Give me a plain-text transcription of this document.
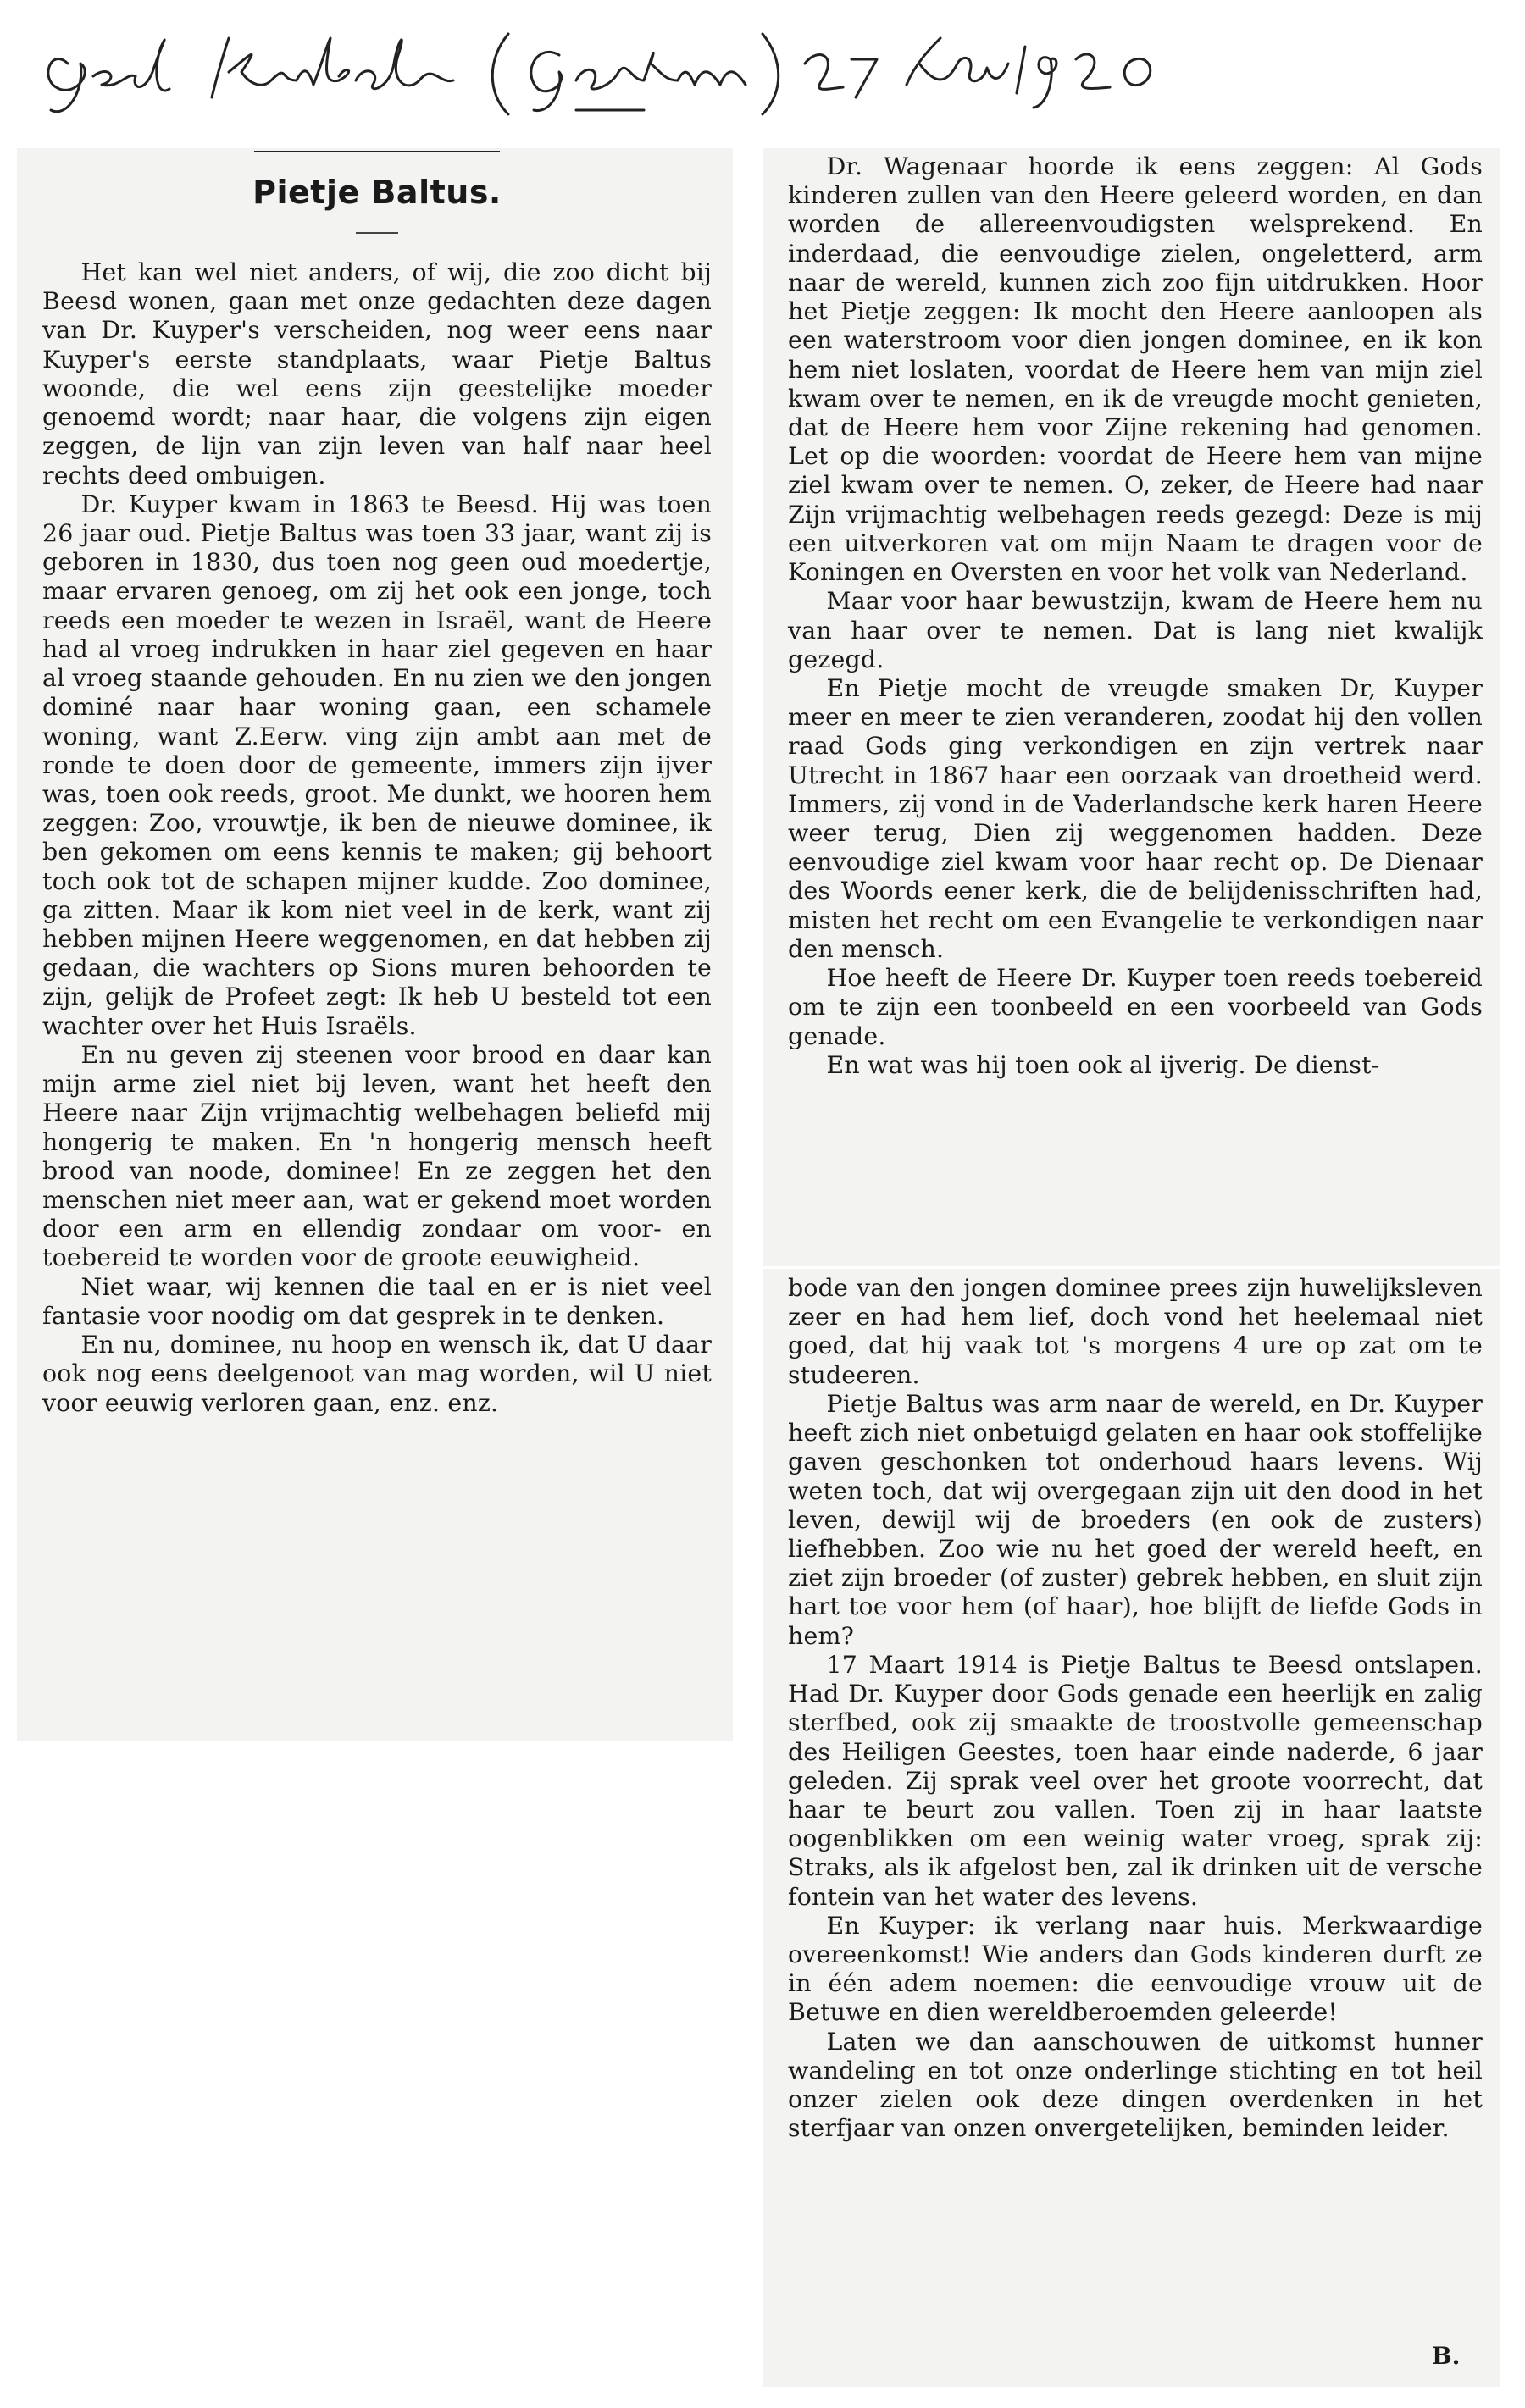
Pietje Baltus.

Het kan wel niet anders, of wij, die zoo dicht bij Beesd wonen, gaan met onze gedachten deze dagen van Dr. Kuyper's verscheiden, nog weer eens naar Kuyper's eerste standplaats, waar Pietje Baltus woonde, die wel eens zijn geestelijke moeder genoemd wordt; naar haar, die volgens zijn eigen zeggen, de lijn van zijn leven van half naar heel rechts deed ombuigen.

Dr. Kuyper kwam in 1863 te Beesd. Hij was toen 26 jaar oud. Pietje Baltus was toen 33 jaar, want zij is geboren in 1830, dus toen nog geen oud moedertje, maar ervaren genoeg, om zij het ook een jonge, toch reeds een moeder te wezen in Israël, want de Heere had al vroeg indrukken in haar ziel gegeven en haar al vroeg staande gehouden. En nu zien we den jongen dominé naar haar woning gaan, een schamele woning, want Z.Eerw. ving zijn ambt aan met de ronde te doen door de gemeente, immers zijn ijver was, toen ook reeds, groot. Me dunkt, we hooren hem zeggen: Zoo, vrouwtje, ik ben de nieuwe dominee, ik ben gekomen om eens kennis te maken; gij behoort toch ook tot de schapen mijner kudde. Zoo dominee, ga zitten. Maar ik kom niet veel in de kerk, want zij hebben mijnen Heere weggenomen, en dat hebben zij gedaan, die wachters op Sions muren behoorden te zijn, gelijk de Profeet zegt: Ik heb U besteld tot een wachter over het Huis Israëls.

En nu geven zij steenen voor brood en daar kan mijn arme ziel niet bij leven, want het heeft den Heere naar Zijn vrijmachtig welbehagen beliefd mij hongerig te maken. En 'n hongerig mensch heeft brood van noode, dominee! En ze zeggen het den menschen niet meer aan, wat er gekend moet worden door een arm en ellendig zondaar om voor- en toebereid te worden voor de groote eeuwigheid.

Niet waar, wij kennen die taal en er is niet veel fantasie voor noodig om dat gesprek in te denken.

En nu, dominee, nu hoop en wensch ik, dat U daar ook nog eens deelgenoot van mag worden, wil U niet voor eeuwig verloren gaan, enz. enz.

Dr. Wagenaar hoorde ik eens zeggen: Al Gods kinderen zullen van den Heere geleerd worden, en dan worden de allereenvoudigsten welsprekend. En inderdaad, die eenvoudige zielen, ongeletterd, arm naar de wereld, kunnen zich zoo fijn uitdrukken. Hoor het Pietje zeggen: Ik mocht den Heere aanloopen als een waterstroom voor dien jongen dominee, en ik kon hem niet loslaten, voordat de Heere hem van mijn ziel kwam over te nemen, en ik de vreugde mocht genieten, dat de Heere hem voor Zijne rekening had genomen. Let op die woorden: voordat de Heere hem van mijne ziel kwam over te nemen. O, zeker, de Heere had naar Zijn vrijmachtig welbehagen reeds gezegd: Deze is mij een uitverkoren vat om mijn Naam te dragen voor de Koningen en Oversten en voor het volk van Nederland.

Maar voor haar bewustzijn, kwam de Heere hem nu van haar over te nemen. Dat is lang niet kwalijk gezegd.

En Pietje mocht de vreugde smaken Dr, Kuyper meer en meer te zien veranderen, zoodat hij den vollen raad Gods ging verkondigen en zijn vertrek naar Utrecht in 1867 haar een oorzaak van droetheid werd. Immers, zij vond in de Vaderlandsche kerk haren Heere weer terug, Dien zij weggenomen hadden. Deze eenvoudige ziel kwam voor haar recht op. De Dienaar des Woords eener kerk, die de belijdenisschriften had, misten het recht om een Evangelie te verkondigen naar den mensch.

Hoe heeft de Heere Dr. Kuyper toen reeds toebereid om te zijn een toonbeeld en een voorbeeld van Gods genade.

En wat was hij toen ook al ijverig. De dienst-

bode van den jongen dominee prees zijn huwelijksleven zeer en had hem lief, doch vond het heelemaal niet goed, dat hij vaak tot 's morgens 4 ure op zat om te studeeren.

Pietje Baltus was arm naar de wereld, en Dr. Kuyper heeft zich niet onbetuigd gelaten en haar ook stoffelijke gaven geschonken tot onderhoud haars levens. Wij weten toch, dat wij overgegaan zijn uit den dood in het leven, dewijl wij de broeders (en ook de zusters) liefhebben. Zoo wie nu het goed der wereld heeft, en ziet zijn broeder (of zuster) gebrek hebben, en sluit zijn hart toe voor hem (of haar), hoe blijft de liefde Gods in hem?

17 Maart 1914 is Pietje Baltus te Beesd ontslapen. Had Dr. Kuyper door Gods genade een heerlijk en zalig sterfbed, ook zij smaakte de troostvolle gemeenschap des Heiligen Geestes, toen haar einde naderde, 6 jaar geleden. Zij sprak veel over het groote voorrecht, dat haar te beurt zou vallen. Toen zij in haar laatste oogenblikken om een weinig water vroeg, sprak zij: Straks, als ik afgelost ben, zal ik drinken uit de versche fontein van het water des levens.

En Kuyper: ik verlang naar huis. Merkwaardige overeenkomst! Wie anders dan Gods kinderen durft ze in één adem noemen: die eenvoudige vrouw uit de Betuwe en dien wereldberoemden geleerde!

Laten we dan aanschouwen de uitkomst hunner wandeling en tot onze onderlinge stichting en tot heil onzer zielen ook deze dingen overdenken in het sterfjaar van onzen onvergetelijken, beminden leider.

B.
